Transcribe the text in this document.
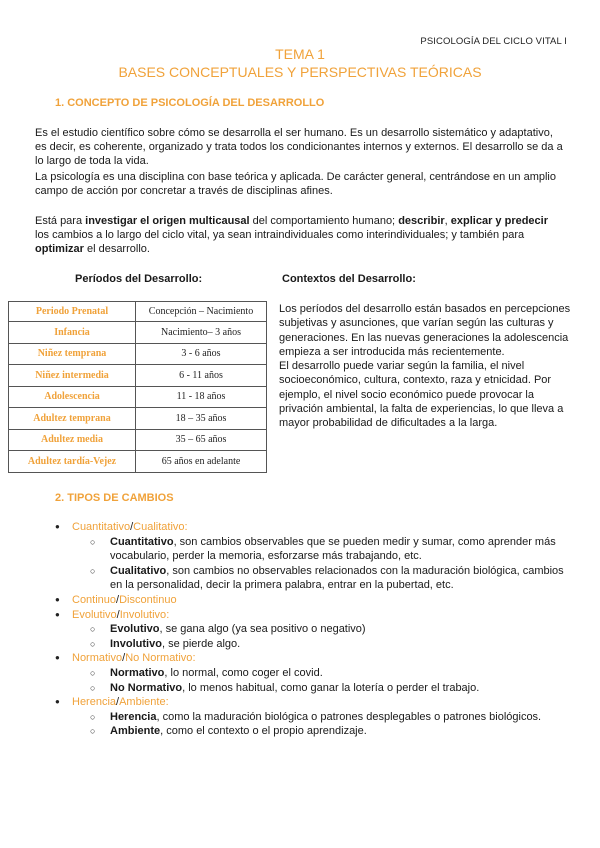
PSICOLOGÍA DEL CICLO VITAL I
TEMA 1
BASES CONCEPTUALES Y PERSPECTIVAS TEÓRICAS
1. CONCEPTO DE PSICOLOGÍA DEL DESARROLLO
Es el estudio científico sobre cómo se desarrolla el ser humano. Es un desarrollo sistemático y adaptativo, es decir, es coherente, organizado y trata todos los condicionantes internos y externos. El desarrollo se da a lo largo de toda la vida.
La psicología es una disciplina con base teórica y aplicada. De carácter general, centrándose en un amplio campo de acción por concretar a través de disciplinas afines.
Está para investigar el origen multicausal del comportamiento humano; describir, explicar y predecir los cambios a lo largo del ciclo vital, ya sean intraindividuales como interindividuales; y también para optimizar el desarrollo.
Períodos del Desarrollo:	Contextos del Desarrollo:
Periodo Prenatal	Concepción – Nacimiento
Infancia	Nacimiento– 3 años
Niñez temprana	3 - 6 años
Niñez intermedia	6 - 11 años
Adolescencia	11 - 18 años
Adultez temprana	18 – 35 años
Adultez media	35 – 65 años
Adultez tardía-Vejez	65 años en adelante
Los períodos del desarrollo están basados en percepciones subjetivas y asunciones, que varían según las culturas y generaciones. En las nuevas generaciones la adolescencia empieza a ser introducida más recientemente.
El desarrollo puede variar según la familia, el nivel socioeconómico, cultura, contexto, raza y etnicidad. Por ejemplo, el nivel socio económico puede provocar la privación ambiental, la falta de experiencias, lo que lleva a mayor probabilidad de dificultades a la larga.
2. TIPOS DE CAMBIOS
● Cuantitativo/Cualitativo:
○ Cuantitativo, son cambios observables que se pueden medir y sumar, como aprender más vocabulario, perder la memoria, esforzarse más trabajando, etc.
○ Cualitativo, son cambios no observables relacionados con la maduración biológica, cambios en la personalidad, decir la primera palabra, entrar en la pubertad, etc.
● Continuo/Discontinuo
● Evolutivo/Involutivo:
○ Evolutivo, se gana algo (ya sea positivo o negativo)
○ Involutivo, se pierde algo.
● Normativo/No Normativo:
○ Normativo, lo normal, como coger el covid.
○ No Normativo, lo menos habitual, como ganar la lotería o perder el trabajo.
● Herencia/Ambiente:
○ Herencia, como la maduración biológica o patrones desplegables o patrones biológicos.
○ Ambiente, como el contexto o el propio aprendizaje.
